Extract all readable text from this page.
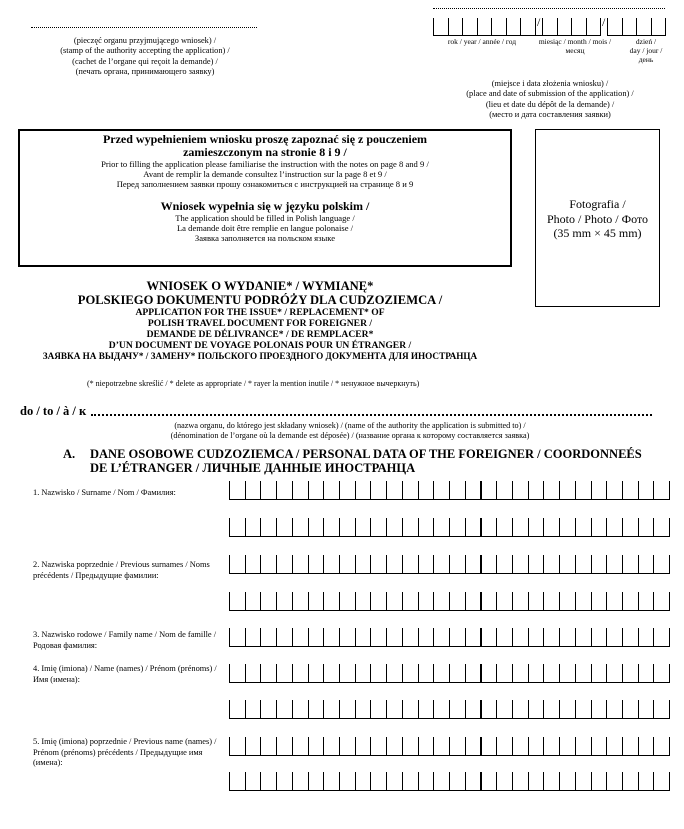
(pieczęć organu przyjmującego wniosek) /
(stamp of the authority accepting the application) /
(cachet de l’organe qui reçoit la demande) /
(печать органа, принимающего заявку)
/	/
rok / year / année / год	miesiąc / month / mois /
месяц
dzień /
day / jour /
день
(miejsce i data złożenia wniosku) /
(place and date of submission of the application) /
(lieu et date du dépôt de la demande) /
(место и дата составления заявки)
Przed wypełnieniem wniosku proszę zapoznać się z pouczeniem
zamieszczonym na stronie 8 i 9 /
Prior to filling the application please familiarise the instruction with the notes on page 8 and 9 /
Avant de remplir la demande consultez l’instruction sur la page 8 et 9 /
Перед заполнением заявки прошу ознакомиться с инструкцией на странице 8 и 9
Wniosek wypełnia się w języku polskim /
The application should be filled in Polish language /
La demande doit être remplie en langue polonaise /
Заявка заполняется на польском языке
Fotografia /
Photo / Photo / Фото
(35 mm × 45 mm)
WNIOSEK O WYDANIE* / WYMIANĘ*
POLSKIEGO DOKUMENTU PODRÓŻY DLA CUDZOZIEMCA /
APPLICATION FOR THE ISSUE* / REPLACEMENT* OF
POLISH TRAVEL DOCUMENT FOR FOREIGNER /
DEMANDE DE DÉLIVRANCE* / DE REMPLACER*
D’UN DOCUMENT DE VOYAGE POLONAIS POUR UN ÉTRANGER /
ЗАЯВКА НА ВЫДАЧУ* / ЗАМЕНУ* ПОЛЬСКОГО ПРОЕЗДНОГО ДОКУМЕНТА ДЛЯ ИНОСТРАНЦА
(* niepotrzebne skreślić / * delete as appropriate / * rayer la mention inutile / * ненужное вычеркнуть)
do / to / à / к
(nazwa organu, do którego jest składany wniosek) / (name of the authority the application is submitted to) /
(dénomination de l’organe où la demande est déposée) / (название органа к которому составляется заявка)
A. DANE OSOBOWE CUDZOZIEMCA / PERSONAL DATA OF THE FOREIGNER / COORDONNEÉS
DE L’ÉTRANGER / ЛИЧНЫЕ ДАННЫЕ ИНОСТРАНЦА
1. Nazwisko / Surname / Nom / Фамилия:
2. Nazwiska poprzednie / Previous surnames / Noms
précédents / Предыдущие фамилии:
3. Nazwisko rodowe / Family name / Nom de famille /
Родовая фамилия:
4. Imię (imiona) / Name (names) / Prénom (prénoms) /
Имя (имена):
5. Imię (imiona) poprzednie / Previous name (names) /
Prénom (prénoms) précédents / Предыдущие имя
(имена):
